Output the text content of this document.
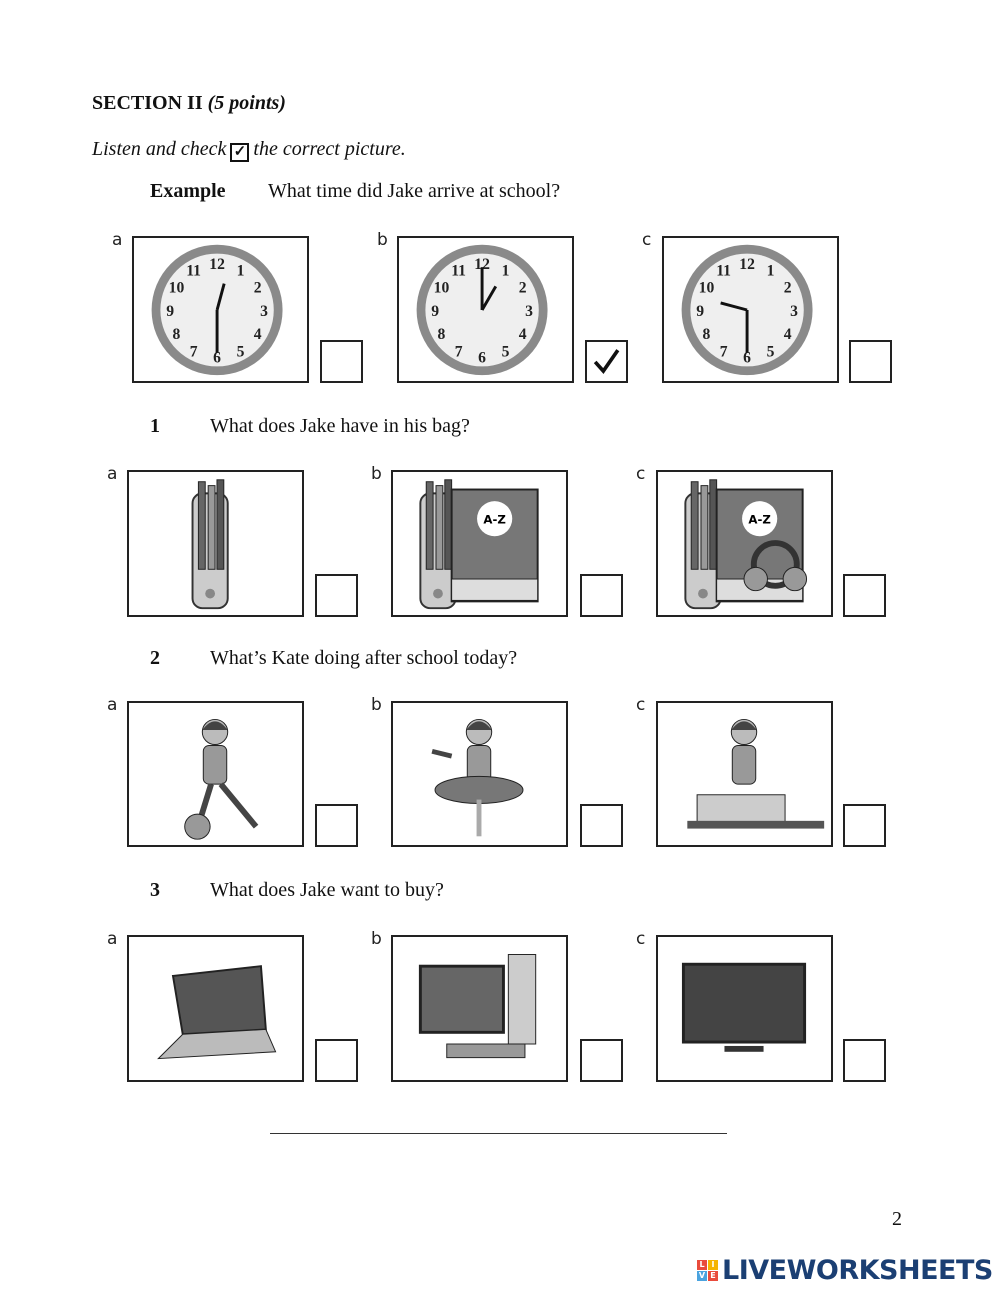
SECTION II (5 points)
Listen and check ✓ the correct picture.
Example What time did Jake arrive at school?
a
12 1
2
3
4
5
6
7
8
9
10
11
b
12 1
2
3
4
5
6
7
8
9
10
11
c
12 1
2
3
4
5
6
7
8
9
10
11
1	What does Jake have in his bag?
a	b
A-Z
c
A-Z
2	What’s Kate doing after school today?
a	b	c
3	What does Jake want to buy?
a	b	c
2
L I
V E LIVEWORKSHEETS
